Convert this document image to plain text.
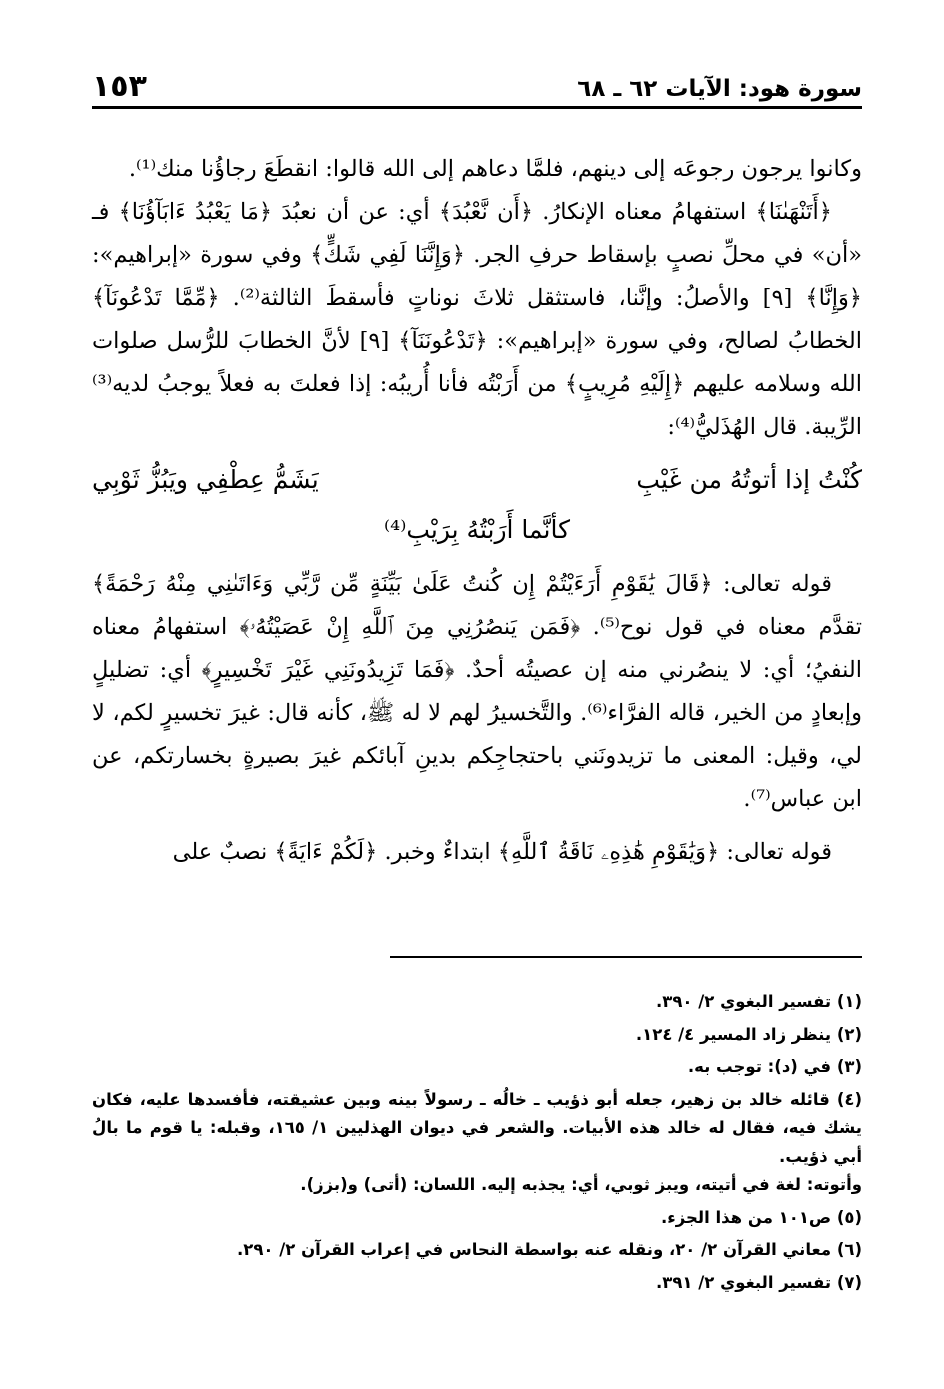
سورة هود: الآيات ٦٢ ـ ٦٨
١٥٣

وكانوا يرجون رجوعَه إلى دينهم، فلمَّا دعاهم إلى الله قالوا: انقطَعَ رجاؤُنا منك⁽¹⁾.

﴿أَتَنْهَىٰنَا﴾ استفهامُ معناه الإنكارُ. ﴿أَن نَّعْبُدَ﴾ أي: عن أن نعبُدَ ﴿مَا يَعْبُدُ ءَابَآؤُنَا﴾ فـ «أن» في محلِّ نصبٍ بإسقاط حرفِ الجر. ﴿وَإِنَّنَا لَفِي شَكٍّ﴾ وفي سورة «إبراهيم»: ﴿وَإِنَّا﴾ [٩] والأصلُ: وإنَّنا، فاستثقل ثلاثَ نوناتٍ فأسقطَ الثالثة⁽²⁾. ﴿مِّمَّا تَدْعُونَآ﴾ الخطابُ لصالح، وفي سورة «إبراهيم»: ﴿تَدْعُونَنَآ﴾ [٩] لأنَّ الخطابَ للرُّسل صلوات الله وسلامه عليهم ﴿إِلَيْهِ مُرِيبٍ﴾ من أَرَبْتُه فأنا أُريبُه: إذا فعلتَ به فعلاً يوجبُ لديه⁽³⁾ الرِّيبة. قال الهُذَليُّ⁽⁴⁾:

كُنْتُ إذا أتوتُهُ من غَيْبِ
يَشَمُّ عِطْفِي ويَبُزُّ ثَوْبِي
كأنَّما أَرَبْتُهُ بِرَيْبِ⁽⁴⁾

قوله تعالى: ﴿قَالَ يَٰقَوْمِ أَرَءَيْتُمْ إِن كُنتُ عَلَىٰ بَيِّنَةٍ مِّن رَّبِّي وَءَاتَىٰنِي مِنْهُ رَحْمَةً﴾ تقدَّم معناه في قول نوح⁽⁵⁾. ﴿فَمَن يَنصُرُنِي مِنَ ٱللَّهِ إِنْ عَصَيْتُهُۥ﴾ استفهامُ معناه النفيُ؛ أي: لا ينصُرني منه إن عصيتُه أحدٌ. ﴿فَمَا تَزِيدُونَنِي غَيْرَ تَخْسِيرٍ﴾ أي: تضليلٍ وإبعادٍ من الخير، قاله الفرَّاء⁽⁶⁾. والتَّخسيرُ لهم لا له ﷺ، كأنه قال: غيرَ تخسيرٍ لكم، لا لي، وقيل: المعنى ما تزيدونَني باحتجاجِكم بدينِ آبائكم غيرَ بصيرةٍ بخسارتكم، عن ابن عباس⁽⁷⁾.

قوله تعالى: ﴿وَيَٰقَوْمِ هَٰذِهِۦ نَاقَةُ ٱللَّهِ﴾ ابتداءٌ وخبر. ﴿لَكُمْ ءَايَةً﴾ نصبٌ على

(١) تفسير البغوي ٢/ ٣٩٠.

(٢) ينظر زاد المسير ٤/ ١٢٤.

(٣) في (د): توجب به.

(٤) قائله خالد بن زهير، جعله أبو ذؤيب ـ خالُه ـ رسولاً بينه وبين عشيقته، فأفسدها عليه، فكان يشك فيه، فقال له خالد هذه الأبيات. والشعر في ديوان الهذليين ١/ ١٦٥، وقبله: يا قوم ما بالُ أبي ذؤيب.

وأتوته: لغة في أتيته، ويبز ثوبي، أي: يجذبه إليه. اللسان: (أتى) و(بزز).

(٥) ص١٠١ من هذا الجزء.

(٦) معاني القرآن ٢/ ٢٠، ونقله عنه بواسطة النحاس في إعراب القرآن ٢/ ٢٩٠.

(٧) تفسير البغوي ٢/ ٣٩١.
